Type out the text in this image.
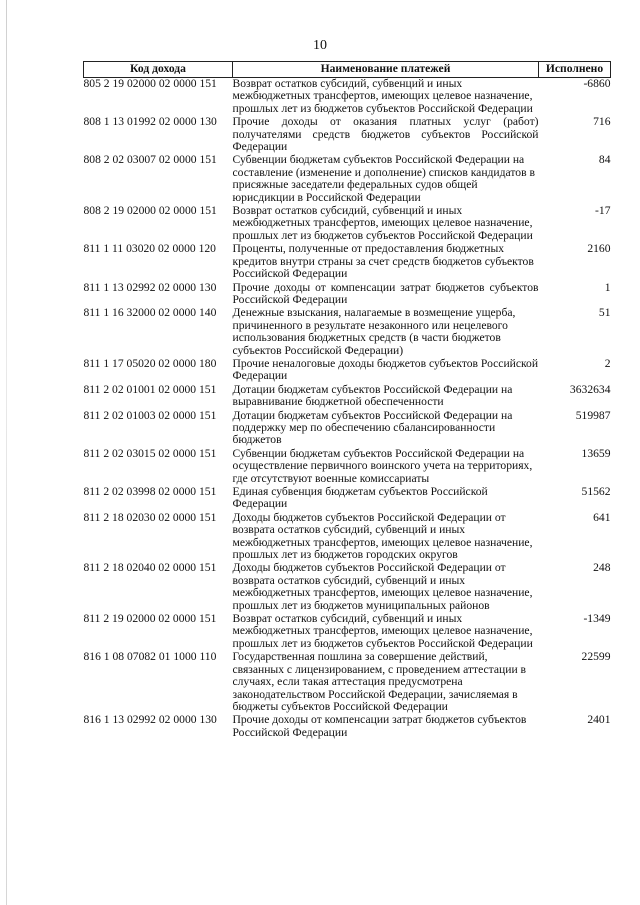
10
Код дохода	Наименование платежей	Исполнено
805 2 19 02000 02 0000 151	Возврат остатков субсидий, субвенций и иных межбюджетных трансфертов, имеющих целевое назначение, прошлых лет из бюджетов субъектов Российской Федерации	-6860
808 1 13 01992 02 0000 130	Прочие доходы от оказания платных услуг (работ) получателями средств бюджетов субъектов Российской Федерации	716
808 2 02 03007 02 0000 151	Субвенции бюджетам субъектов Российской Федерации на составление (изменение и дополнение) списков кандидатов в присяжные заседатели федеральных судов общей юрисдикции в Российской Федерации	84
808 2 19 02000 02 0000 151	Возврат остатков субсидий, субвенций и иных межбюджетных трансфертов, имеющих целевое назначение, прошлых лет из бюджетов субъектов Российской Федерации	-17
811 1 11 03020 02 0000 120	Проценты, полученные от предоставления бюджетных кредитов внутри страны за счет средств бюджетов субъектов Российской Федерации	2160
811 1 13 02992 02 0000 130	Прочие доходы от компенсации затрат бюджетов субъектов Российской Федерации	1
811 1 16 32000 02 0000 140	Денежные взыскания, налагаемые в возмещение ущерба, причиненного в результате незаконного или нецелевого использования бюджетных средств (в части бюджетов субъектов Российской Федерации)	51
811 1 17 05020 02 0000 180	Прочие неналоговые доходы бюджетов субъектов Российской Федерации	2
811 2 02 01001 02 0000 151	Дотации бюджетам субъектов Российской Федерации на выравнивание бюджетной обеспеченности	3632634
811 2 02 01003 02 0000 151	Дотации бюджетам субъектов Российской Федерации на поддержку мер по обеспечению сбалансированности бюджетов	519987
811 2 02 03015 02 0000 151	Субвенции бюджетам субъектов Российской Федерации на осуществление первичного воинского учета на территориях, где отсутствуют военные комиссариаты	13659
811 2 02 03998 02 0000 151	Единая субвенция бюджетам субъектов Российской Федерации	51562
811 2 18 02030 02 0000 151	Доходы бюджетов субъектов Российской Федерации от возврата остатков субсидий, субвенций и иных межбюджетных трансфертов, имеющих целевое назначение, прошлых лет из бюджетов городских округов	641
811 2 18 02040 02 0000 151	Доходы бюджетов субъектов Российской Федерации от возврата остатков субсидий, субвенций и иных межбюджетных трансфертов, имеющих целевое назначение, прошлых лет из бюджетов муниципальных районов	248
811 2 19 02000 02 0000 151	Возврат остатков субсидий, субвенций и иных межбюджетных трансфертов, имеющих целевое назначение, прошлых лет из бюджетов субъектов Российской Федерации	-1349
816 1 08 07082 01 1000 110	Государственная пошлина за совершение действий, связанных с лицензированием, с проведением аттестации в случаях, если такая аттестация предусмотрена законодательством Российской Федерации, зачисляемая в бюджеты субъектов Российской Федерации	22599
816 1 13 02992 02 0000 130	Прочие доходы от компенсации затрат бюджетов субъектов Российской Федерации	2401
